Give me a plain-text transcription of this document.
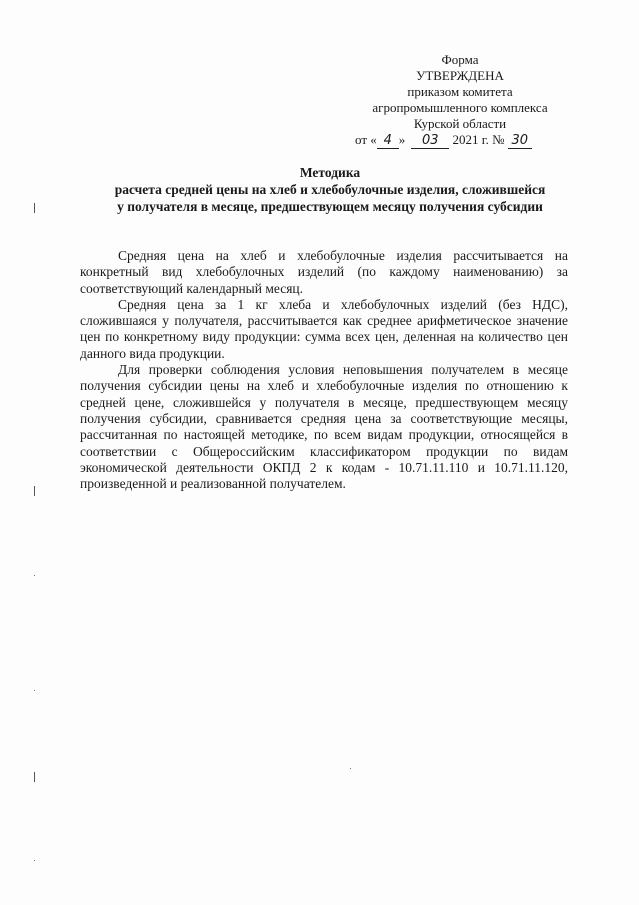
Форма
УТВЕРЖДЕНА
приказом комитета
агропромышленного комплекса
Курской области
от « 4 » 03 2021 г. № 30
Методика
расчета средней цены на хлеб и хлебобулочные изделия, сложившейся
у получателя в месяце, предшествующем месяцу получения субсидии

Средняя цена на хлеб и хлебобулочные изделия рассчитывается на конкретный вид хлебобулочных изделий (по каждому наименованию) за соответствующий календарный месяц.

Средняя цена за 1 кг хлеба и хлебобулочных изделий (без НДС), сложившаяся у получателя, рассчитывается как среднее арифметическое значение цен по конкретному виду продукции: сумма всех цен, деленная на количество цен данного вида продукции.

Для проверки соблюдения условия неповышения получателем в месяце получения субсидии цены на хлеб и хлебобулочные изделия по отношению к средней цене, сложившейся у получателя в месяце, предшествующем месяцу получения субсидии, сравнивается средняя цена за соответствующие месяцы, рассчитанная по настоящей методике, по всем видам продукции, относящейся в соответствии с Общероссийским классификатором продукции по видам экономической деятельности ОКПД 2 к кодам - 10.71.11.110 и 10.71.11.120, произведенной и реализованной получателем.
